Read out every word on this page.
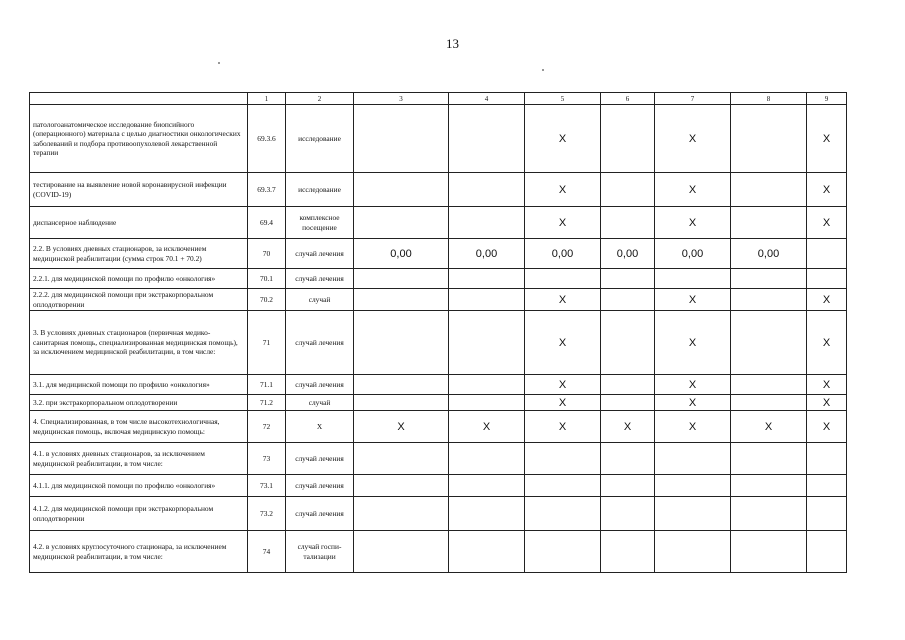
13
	1	2	3	4	5	6	7	8	9
патологоанатомическое исследование биопсийного (операционного) материала с целью диагностики онкологических заболеваний и подбора противоопухолевой лекарственной терапии	69.3.6	исследование			X		X		X
тестирование на выявление новой коронавирусной инфекции (COVID-19)	69.3.7	исследование			X		X		X
диспансерное наблюдение	69.4	комплексное посещение			X		X		X
2.2. В условиях дневных стационаров, за исключением медицинской реабилитации (сумма строк 70.1 + 70.2)	70	случай лечения	0,00	0,00	0,00	0,00	0,00	0,00	
2.2.1. для медицинской помощи по профилю «онкология»	70.1	случай лечения							
2.2.2. для медицинской помощи при экстракорпоральном оплодотворении	70.2	случай			X		X		X
3. В условиях дневных стационаров (первичная медико-санитарная помощь, специализированная медицинская помощь), за исключением медицинской реабилитации, в том числе:	71	случай лечения			X		X		X
3.1. для медицинской помощи по профилю «онкология»	71.1	случай лечения			X		X		X
3.2. при экстракорпоральном оплодотворении	71.2	случай			X		X		X
4. Специализированная, в том числе высокотехнологичная, медицинская помощь, включая медицинскую помощь:	72	X	X	X	X	X	X	X	X
4.1. в условиях дневных стационаров, за исключением медицинской реабилитации, в том числе:	73	случай лечения							
4.1.1. для медицинской помощи по профилю «онкология»	73.1	случай лечения							
4.1.2. для медицинской помощи при экстракорпоральном оплодотворении	73.2	случай лечения							
4.2. в условиях круглосуточного стационара, за исключением медицинской реабилитации, в том числе:	74	случай госпитализации							
